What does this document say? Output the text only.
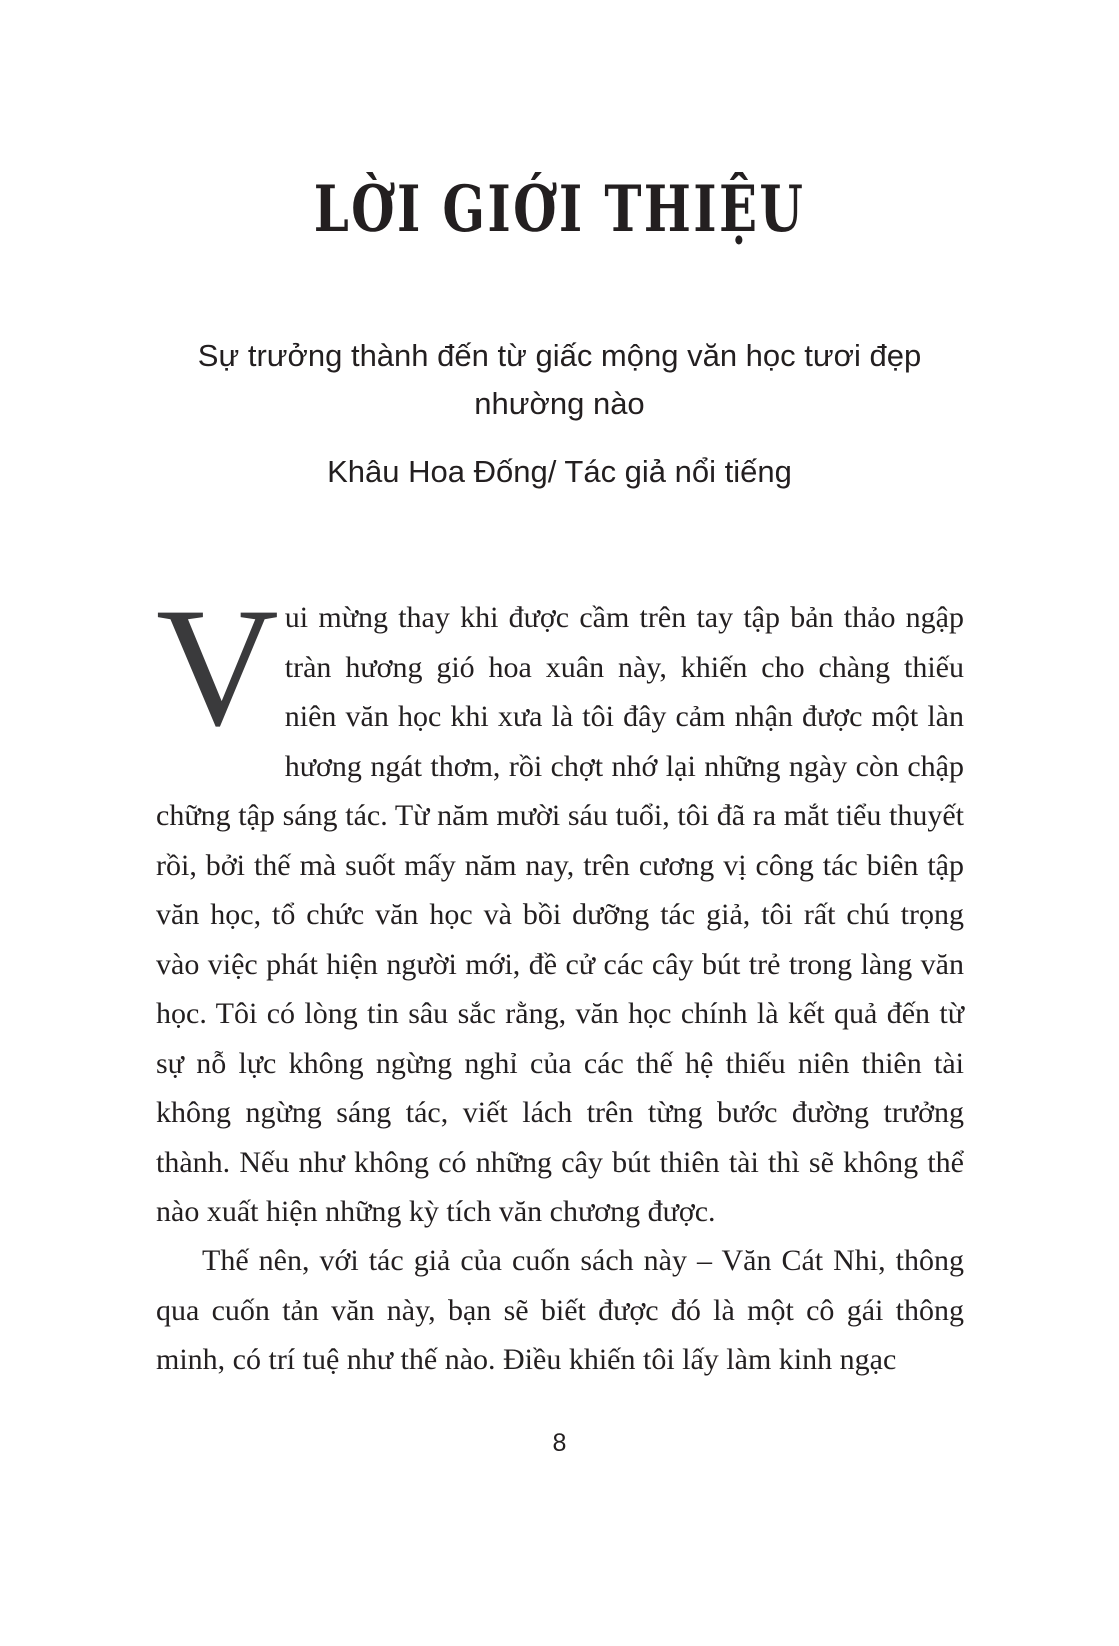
LỜI GIỚI THIỆU
Sự trưởng thành đến từ giấc mộng văn học tươi đẹp
nhường nào
Khâu Hoa Đống/ Tác giả nổi tiếng

Vui mừng thay khi được cầm trên tay tập bản thảo ngập tràn hương gió hoa xuân này, khiến cho chàng thiếu niên văn học khi xưa là tôi đây cảm nhận được một làn hương ngát thơm, rồi chợt nhớ lại những ngày còn chập chững tập sáng tác. Từ năm mười sáu tuổi, tôi đã ra mắt tiểu thuyết rồi, bởi thế mà suốt mấy năm nay, trên cương vị công tác biên tập văn học, tổ chức văn học và bồi dưỡng tác giả, tôi rất chú trọng vào việc phát hiện người mới, đề cử các cây bút trẻ trong làng văn học. Tôi có lòng tin sâu sắc rằng, văn học chính là kết quả đến từ sự nỗ lực không ngừng nghỉ của các thế hệ thiếu niên thiên tài không ngừng sáng tác, viết lách trên từng bước đường trưởng thành. Nếu như không có những cây bút thiên tài thì sẽ không thể nào xuất hiện những kỳ tích văn chương được.

Thế nên, với tác giả của cuốn sách này – Văn Cát Nhi, thông qua cuốn tản văn này, bạn sẽ biết được đó là một cô gái thông minh, có trí tuệ như thế nào. Điều khiến tôi lấy làm kinh ngạc

8
